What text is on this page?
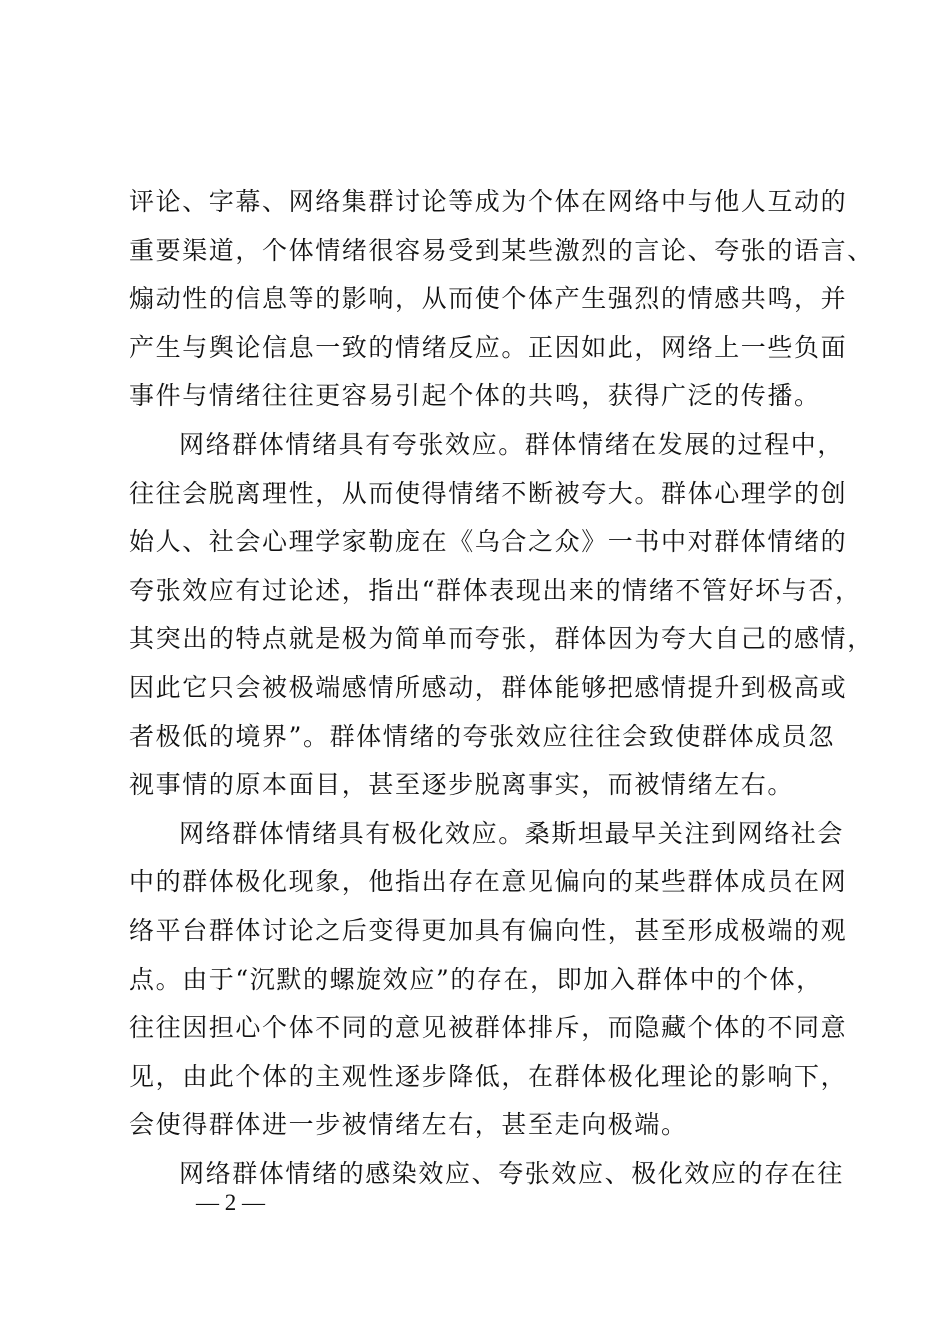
评论、字幕、网络集群讨论等成为个体在网络中与他人互动的
重要渠道，个体情绪很容易受到某些激烈的言论、夸张的语言、
煽动性的信息等的影响，从而使个体产生强烈的情感共鸣，并
产生与舆论信息一致的情绪反应。正因如此，网络上一些负面
事件与情绪往往更容易引起个体的共鸣，获得广泛的传播。
网络群体情绪具有夸张效应。群体情绪在发展的过程中，
往往会脱离理性，从而使得情绪不断被夸大。群体心理学的创
始人、社会心理学家勒庞在《乌合之众》一书中对群体情绪的
夸张效应有过论述，指出“群体表现出来的情绪不管好坏与否，
其突出的特点就是极为简单而夸张，群体因为夸大自己的感情，
因此它只会被极端感情所感动，群体能够把感情提升到极高或
者极低的境界”。群体情绪的夸张效应往往会致使群体成员忽
视事情的原本面目，甚至逐步脱离事实，而被情绪左右。
网络群体情绪具有极化效应。桑斯坦最早关注到网络社会
中的群体极化现象，他指出存在意见偏向的某些群体成员在网
络平台群体讨论之后变得更加具有偏向性，甚至形成极端的观
点。由于“沉默的螺旋效应”的存在，即加入群体中的个体，
往往因担心个体不同的意见被群体排斥，而隐藏个体的不同意
见，由此个体的主观性逐步降低，在群体极化理论的影响下，
会使得群体进一步被情绪左右，甚至走向极端。
网络群体情绪的感染效应、夸张效应、极化效应的存在往
— 2 —
